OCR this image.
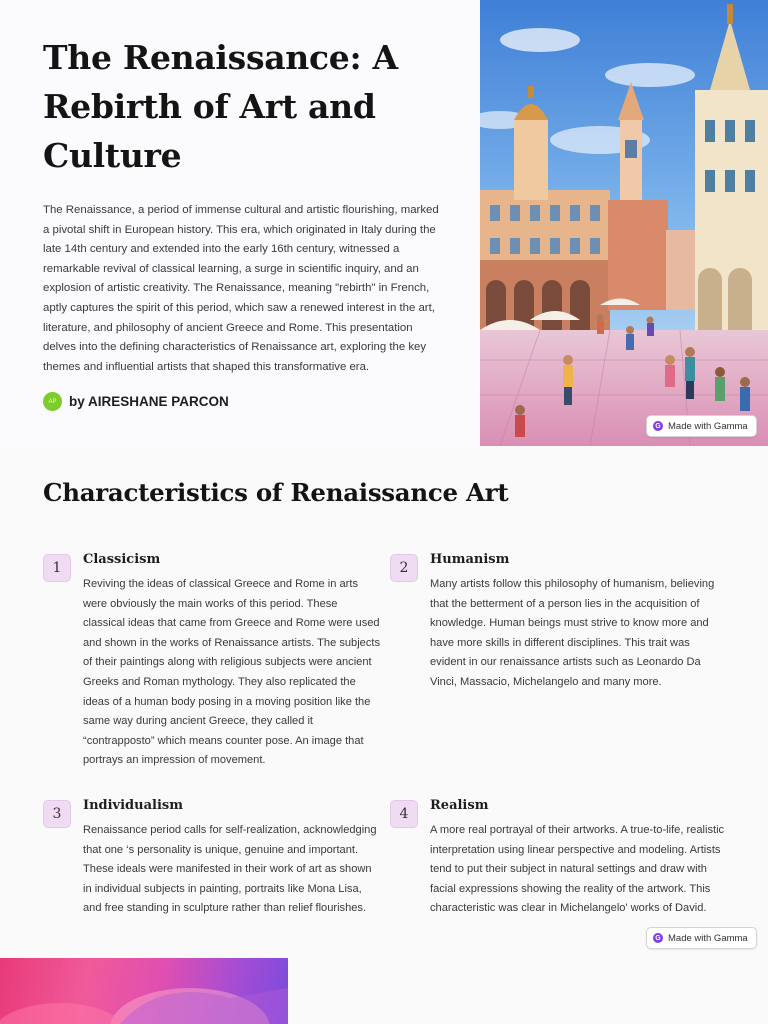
The Renaissance: A Rebirth of Art and Culture

The Renaissance, a period of immense cultural and artistic flourishing, marked a pivotal shift in European history. This era, which originated in Italy during the late 14th century and extended into the early 16th century, witnessed a remarkable revival of classical learning, a surge in scientific inquiry, and an explosion of artistic creativity. The Renaissance, meaning "rebirth" in French, aptly captures the spirit of this period, which saw a renewed interest in the art, literature, and philosophy of ancient Greece and Rome. This presentation delves into the defining characteristics of Renaissance art, exploring the key themes and influential artists that shaped this transformative era.

AP by AIRESHANE PARCON
G Made with Gamma
Characteristics of Renaissance Art
1
Classicism

Reviving the ideas of classical Greece and Rome in arts were obviously the main works of this period. These classical ideas that came from Greece and Rome were used and shown in the works of Renaissance artists. The subjects of their paintings along with religious subjects were ancient Greeks and Roman mythology. They also replicated the ideas of a human body posing in a moving position like the same way during ancient Greece, they called it “contrapposto” which means counter pose. An image that portrays an impression of movement.

2
Humanism

Many artists follow this philosophy of humanism, believing that the betterment of a person lies in the acquisition of knowledge. Human beings must strive to know more and have more skills in different disciplines. This trait was evident in our renaissance artists such as Leonardo Da Vinci, Massacio, Michelangelo and many more.

3
Individualism

Renaissance period calls for self-realization, acknowledging that one ‘s personality is unique, genuine and important. These ideals were manifested in their work of art as shown in individual subjects in painting, portraits like Mona Lisa, and free standing in sculpture rather than relief flourishes.

4
Realism

A more real portrayal of their artworks. A true-to-life, realistic interpretation using linear perspective and modeling. Artists tend to put their subject in natural settings and draw with facial expressions showing the reality of the artwork. This characteristic was clear in Michelangelo' works of David.

G Made with Gamma
